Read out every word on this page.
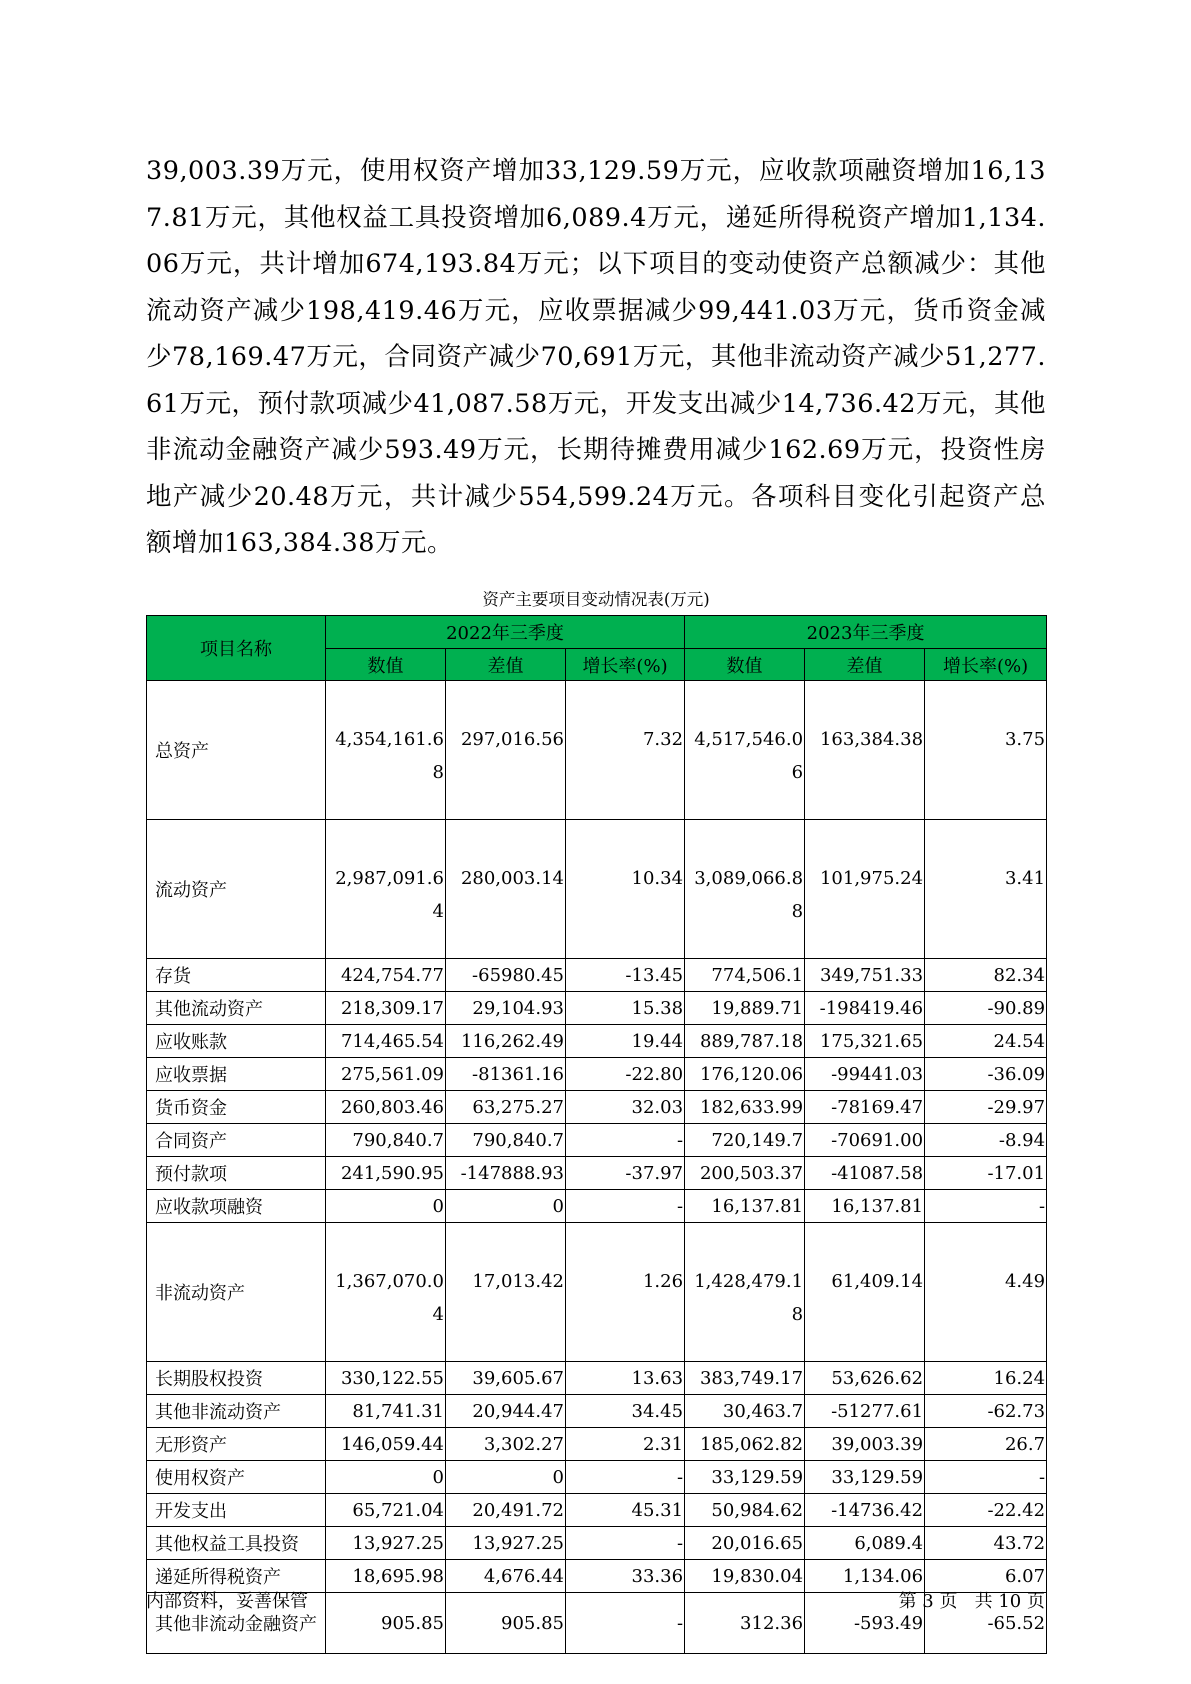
39,003.39万元，使用权资产增加33,129.59万元，应收款项融资增加16,137.81万元，其他权益工具投资增加6,089.4万元，递延所得税资产增加1,134.06万元，共计增加674,193.84万元；以下项目的变动使资产总额减少：其他流动资产减少198,419.46万元，应收票据减少99,441.03万元，货币资金减少78,169.47万元，合同资产减少70,691万元，其他非流动资产减少51,277.61万元，预付款项减少41,087.58万元，开发支出减少14,736.42万元，其他非流动金融资产减少593.49万元，长期待摊费用减少162.69万元，投资性房地产减少20.48万元，共计减少554,599.24万元。各项科目变化引起资产总额增加163,384.38万元。
资产主要项目变动情况表(万元)
项目名称	2022年三季度			2023年三季度		
	数值	差值	增长率(%)	数值	差值	增长率(%)
总资产	4,354,161.68	297,016.56	7.32	4,517,546.06	163,384.38	3.75
流动资产	2,987,091.64	280,003.14	10.34	3,089,066.88	101,975.24	3.41
存货	424,754.77	-65980.45	-13.45	774,506.1	349,751.33	82.34
其他流动资产	218,309.17	29,104.93	15.38	19,889.71	-198419.46	-90.89
应收账款	714,465.54	116,262.49	19.44	889,787.18	175,321.65	24.54
应收票据	275,561.09	-81361.16	-22.80	176,120.06	-99441.03	-36.09
货币资金	260,803.46	63,275.27	32.03	182,633.99	-78169.47	-29.97
合同资产	790,840.7	790,840.7	-	720,149.7	-70691.00	-8.94
预付款项	241,590.95	-147888.93	-37.97	200,503.37	-41087.58	-17.01
应收款项融资	0	0	-	16,137.81	16,137.81	-
非流动资产	1,367,070.04	17,013.42	1.26	1,428,479.18	61,409.14	4.49
长期股权投资	330,122.55	39,605.67	13.63	383,749.17	53,626.62	16.24
其他非流动资产	81,741.31	20,944.47	34.45	30,463.7	-51277.61	-62.73
无形资产	146,059.44	3,302.27	2.31	185,062.82	39,003.39	26.7
使用权资产	0	0	-	33,129.59	33,129.59	-
开发支出	65,721.04	20,491.72	45.31	50,984.62	-14736.42	-22.42
其他权益工具投资	13,927.25	13,927.25	-	20,016.65	6,089.4	43.72
递延所得税资产	18,695.98	4,676.44	33.36	19,830.04	1,134.06	6.07
其他非流动金融资产	905.85	905.85	-	312.36	-593.49	-65.52
内部资料，妥善保管	第 3 页   共 10 页
